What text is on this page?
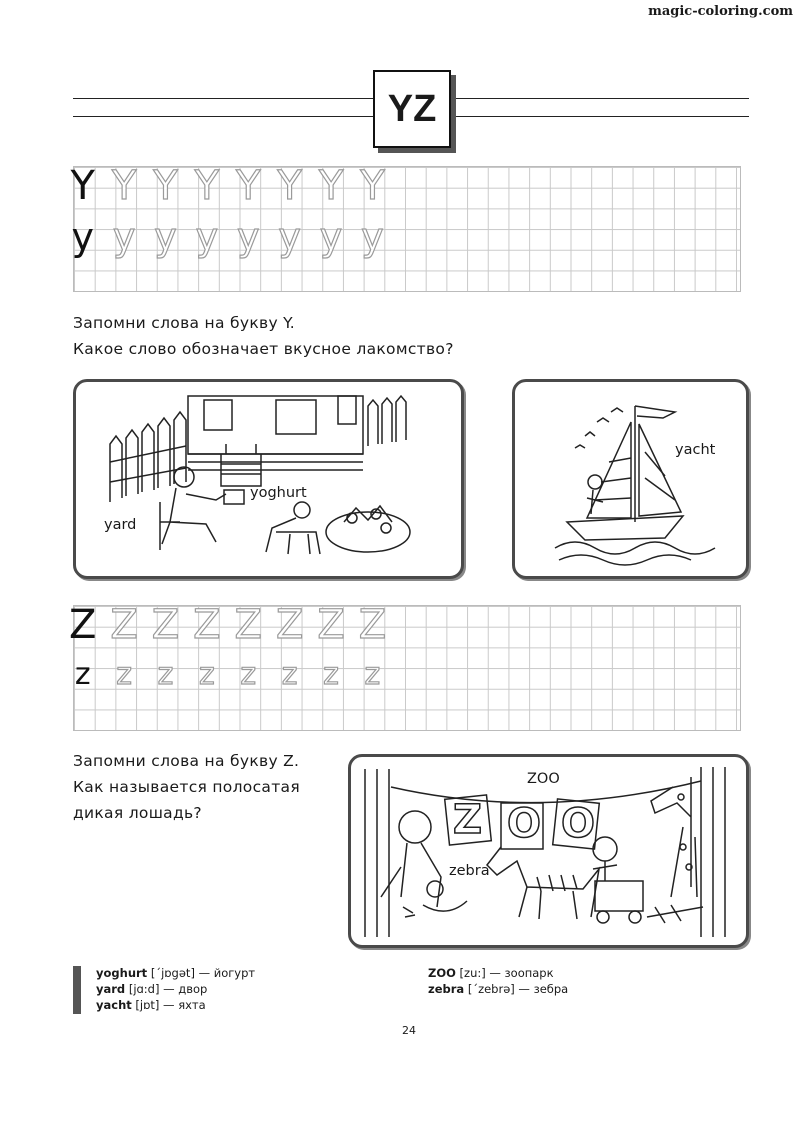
magic-coloring.com
YZ
Y Y Y Y Y Y Y Y
y y y y y y y y
Запомни слова на букву Y.
Какое слово обозначает вкусное лакомство?
yoghurt
yard
yacht
Z Z Z Z Z Z Z Z
z z z z z z z z
Запомни слова на букву Z.
Как называется полосатая
дикая лошадь?	Z O O
ZOO
zebra
yoghurt [´jɒgət] — йогурт
yard [jɑ:d] — двор
yacht [jɒt] — яхта
ZOO [zu:] — зоопарк
zebra [´zebrə] — зебра
24
